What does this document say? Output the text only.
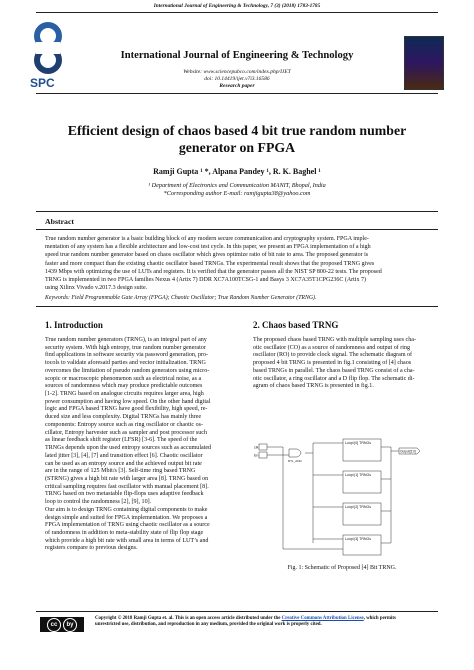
International Journal of Engineering & Technology, 7 (3) (2018) 1783-1785
SPC
International Journal of Engineering & Technology
Website: www.sciencepubco.com/index.php/IJET
doi: 10.14419/ijet.v7i3.16586
Research paper
Efficient design of chaos based 4 bit true random number
generator on FPGA
Ramji Gupta ¹ *, Alpana Pandey ¹, R. K. Baghel ¹
¹ Department of Electronics and Communication MANIT, Bhopal, India
*Corresponding author E-mail: ramjigupta38@yahoo.com
Abstract
True random number generator is a basic building block of any modern secure communication and cryptography system. FPGA imple-
mentation of any system has a flexible architecture and low-cost test cycle. In this paper, we present an FPGA implementation of a high
speed true random number generator based on chaos oscillator which gives optimize ratio of bit rate to area. The proposed generator is
faster and more compact than the existing chaotic oscillator based TRNGs. The experimental result shows that the proposed TRNG gives
1439 Mbps with optimizing the use of LUTs and registers. It is verified that the generator passes all the NIST SP 800-22 tests. The proposed
TRNG is implemented in two FPGA families Nexus 4 (Artix 7) DDR XC7A100TCSG-1 and Basys 3 XC7A35T1CPG236C (Artix 7)
using Xilinx Vivado v.2017.3 design suite.
Keywords: Field Programmable Gate Array (FPGA); Chaotic Oscillator; True Random Number Generator (TRNG).
1. Introduction
True random number generators (TRNG), is an integral part of any
security system. With high entropy, true random number generator
find applications in software security via password generation, pro-
tocols to validate aforesaid parties and vector initialization. TRNG
overcomes the limitation of pseudo random generators using micro-
scopic or macroscopic phenomenon such as electrical noise, as a
sources of randomness which may produce predictable outcomes
[1-2]. TRNG based on analogue circuits requires larger area, high
power consumption and having low speed. On the other hand digital
logic and FPGA based TRNG have good flexibility, high speed, re-
duced size and less complexity. Digital TRNGs has mainly three
components: Entropy source such as ring oscillator or chaotic os-
cillator, Entropy harvester such as sampler and post processor such
as linear feedback shift register (LFSR) [3-6]. The speed of the
TRNGs depends upon the used entropy sources such as accumulated
lated jitter [3], [4], [7] and transition effect [6]. Chaotic oscillator
can be used as an entropy source and the achieved output bit rate
are in the range of 125 Mbit/s [3]. Self-time ring based TRNG
(STRNG) gives a high bit rate with larger area [8]. TRNG based on
critical sampling requires fast oscillator with manual placement [8].
TRNG based on two metastable flip-flops uses adaptive feedback
loop to control the randomness [2], [9], 10].
Our aim is to design TRNG containing digital components to make
design simple and suited for FPGA implementation. We proposes a
FPGA implementation of TRNG using chaotic oscillator as a source
of randomness in addition to meta-stability state of flip flop stage
which provide a high bit rate with small area in terms of LUT’s and
registers compare to previous designs.
2. Chaos based TRNG
The proposed chaos based TRNG with multiple sampling uses cha-
otic oscillator (CO) as a source of randomness and output of ring
oscillator (RO) to provide clock signal. The schematic diagram of
proposed 4 bit TRNG is presented in fig.1 consisting of [4] chaos
based TRNGs in parallel. The chaos based TRNG consist of a cha-
otic oscillator, a ring oscillator and a D flip flop. The schematic di-
agram of chaos based TRNG is presented in fig.1.
clk
En
RTL_AND
Loop/(0] TRNGs
Loop/(1] TRNGs
Loop/(2] TRNGs
Loop/(3] TRNGs
Output[3:0]
Fig. 1: Schematic of Proposed [4] Bit TRNG.
cc	by
Copyright © 2018 Ramji Gupta et. al. This is an open access article distributed under the Creative Commons Attribution License, which permits
unrestricted use, distribution, and reproduction in any medium, provided the original work is properly cited.
